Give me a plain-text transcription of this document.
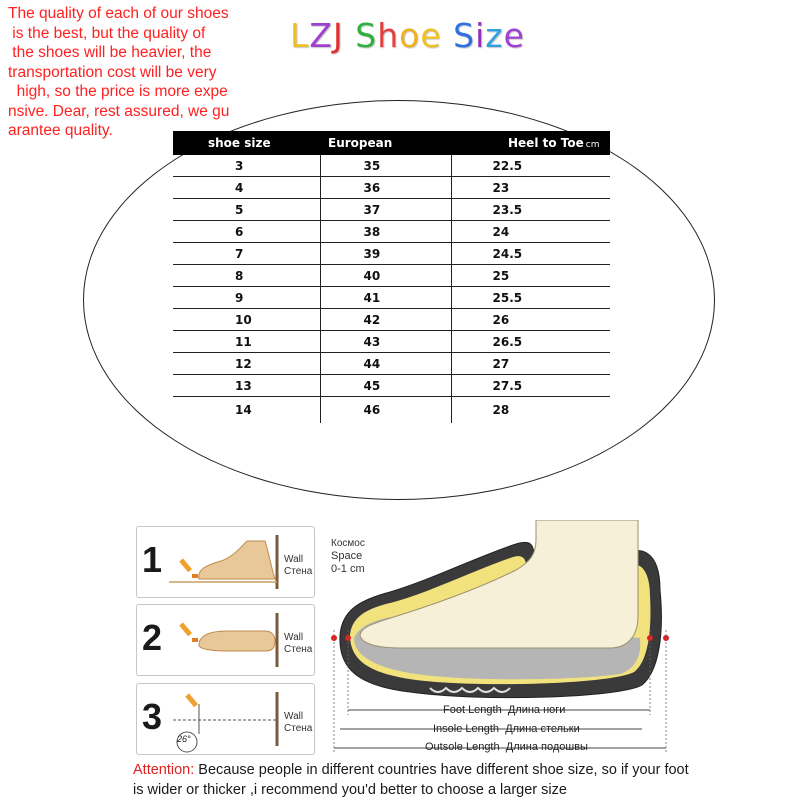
The quality of each of our shoes
is the best, but the quality of
the shoes will be heavier, the
transportation cost will be very
high, so the price is more expe
nsive. Dear, rest assured, we gu
arantee quality.
LZJ Shoe Size
shoe size	European	Heel to Toe cm
3	35	22.5
4	36	23
5	37	23.5
6	38	24
7	39	24.5
8	40	25
9	41	25.5
10	42	26
11	43	26.5
12	44	27
13	45	27.5
14	46	28
1	Wall
Стена
2	Wall
Стена
3
26°
Wall
Стена
Космос
Space
0-1 cm
Foot Length Длина ноги
Insole Length Длина стельки
Outsole Length Длина подошвы
Attention: Because people in different countries have different shoe size, so if your foot is wider or thicker ,i recommend you'd better to choose a larger size
